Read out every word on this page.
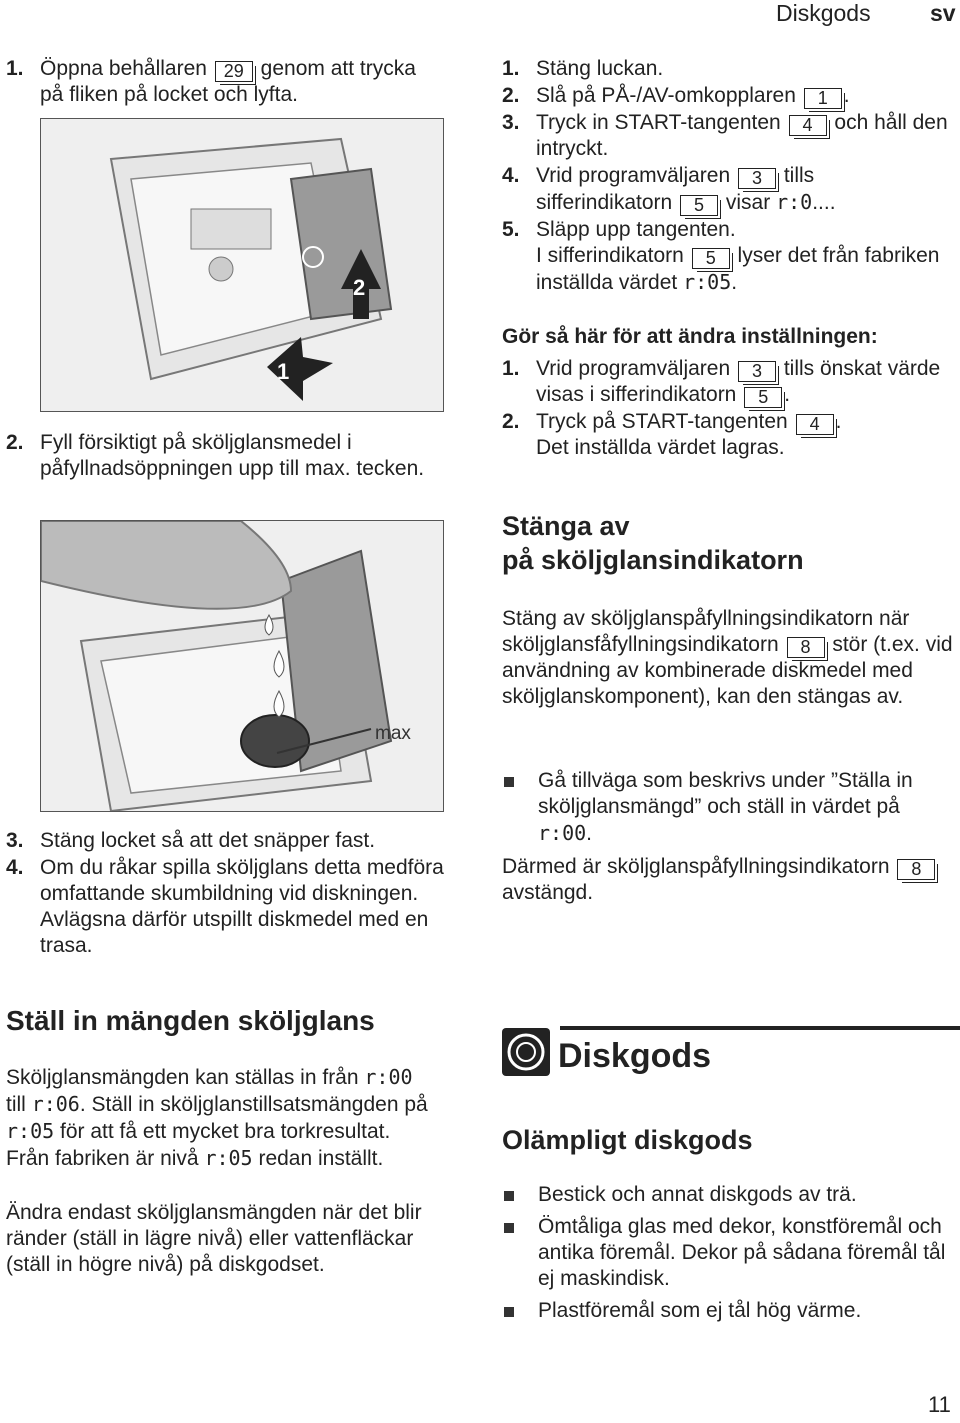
Diskgods	sv
1. Öppna behållaren 29 genom att trycka på fliken på locket och lyfta.
1
2
2. Fyll försiktigt på sköljglansmedel i påfyllnadsöppningen upp till max. tecken.
max
3. Stäng locket så att det snäpper fast.
4. Om du råkar spilla sköljglans detta medföra omfattande skumbildning vid diskningen. Avlägsna därför utspillt diskmedel med en trasa.
Ställ in mängden sköljglans
Sköljglansmängden kan ställas in från r:00 till r:06. Ställ in sköljglanstillsatsmängden på r:05 för att få ett mycket bra torkresultat. Från fabriken är nivå r:05 redan inställt.
Ändra endast sköljglansmängden när det blir ränder (ställ in lägre nivå) eller vattenfläckar (ställ in högre nivå) på diskgodset.
1. Stäng luckan.
2. Slå på PÅ-/AV-omkopplaren 1 .
3. Tryck in START-tangenten 4 och håll den intryckt.
4. Vrid programväljaren 3 tills sifferindikatorn 5 visar r:0....
5. Släpp upp tangenten.
I sifferindikatorn 5 lyser det från fabriken inställda värdet r:05.
Gör så här för att ändra inställningen:
1. Vrid programväljaren 3 tills önskat värde visas i sifferindikatorn 5 .
2. Tryck på START-tangenten 4 .
Det inställda värdet lagras.
Stänga av
på sköljglansindikatorn
Stäng av sköljglanspåfyllningsindikatorn när sköljglansfåfyllningsindikatorn 8 stör (t.ex. vid användning av kombinerade diskmedel med sköljglanskomponent), kan den stängas av.
Gå tillväga som beskrivs under ”Ställa in sköljglansmängd” och ställ in värdet på r:00.
Därmed är sköljglanspåfyllningsindikatorn 8 avstängd.
Diskgods
Olämpligt diskgods
Bestick och annat diskgods av trä.
Ömtåliga glas med dekor, konstföremål och antika föremål. Dekor på sådana föremål tål ej maskindisk.
Plastföremål som ej tål hög värme.
11
